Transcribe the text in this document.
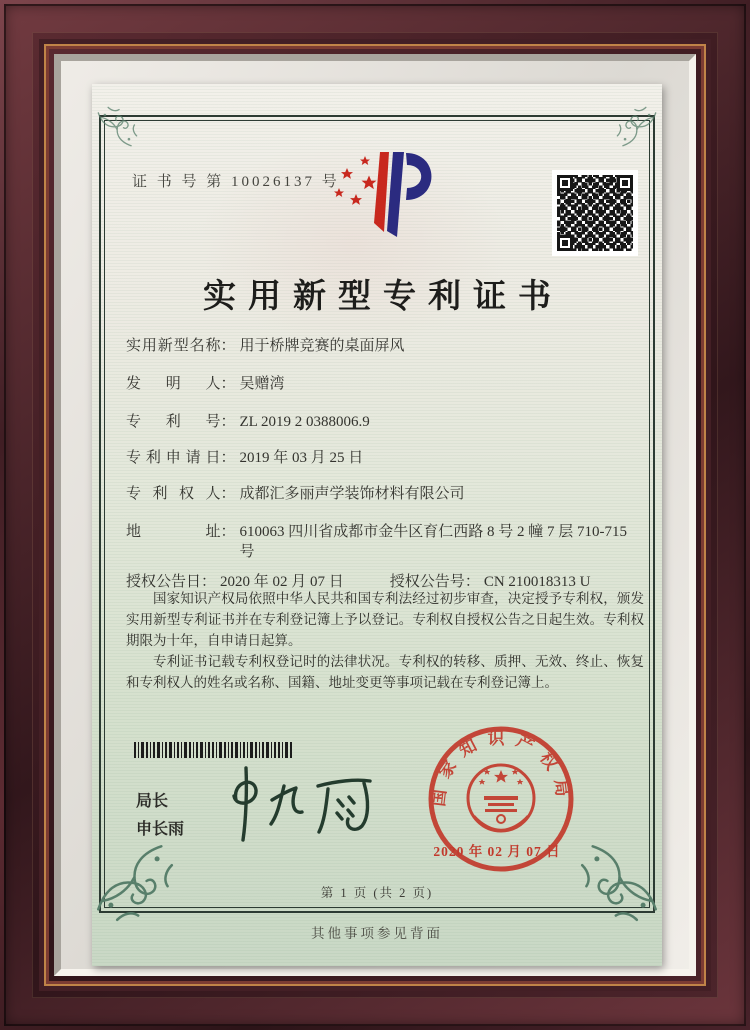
证 书 号 第 10026137 号
实用新型专利证书
实用新型名称 ： 用于桥牌竞赛的桌面屏风
发明人 ： 吴赠湾
专利号 ： ZL 2019 2 0388006.9
专利申请日 ： 2019 年 03 月 25 日
专利权人 ： 成都汇多丽声学装饰材料有限公司
地址 ： 610063 四川省成都市金牛区育仁西路 8 号 2 幢 7 层 710-715 号
授权公告日 ： 2020 年 02 月 07 日	授权公告号 ： CN 210018313 U

国家知识产权局依照中华人民共和国专利法经过初步审查，决定授予专利权，颁发实用新型专利证书并在专利登记簿上予以登记。专利权自授权公告之日起生效。专利权期限为十年，自申请日起算。

专利证书记载专利权登记时的法律状况。专利权的转移、质押、无效、终止、恢复和专利权人的姓名或名称、国籍、地址变更等事项记载在专利登记簿上。

局长
申长雨
国家知识产权局
2020 年 02 月 07 日
第 1 页 (共 2 页)
其他事项参见背面
